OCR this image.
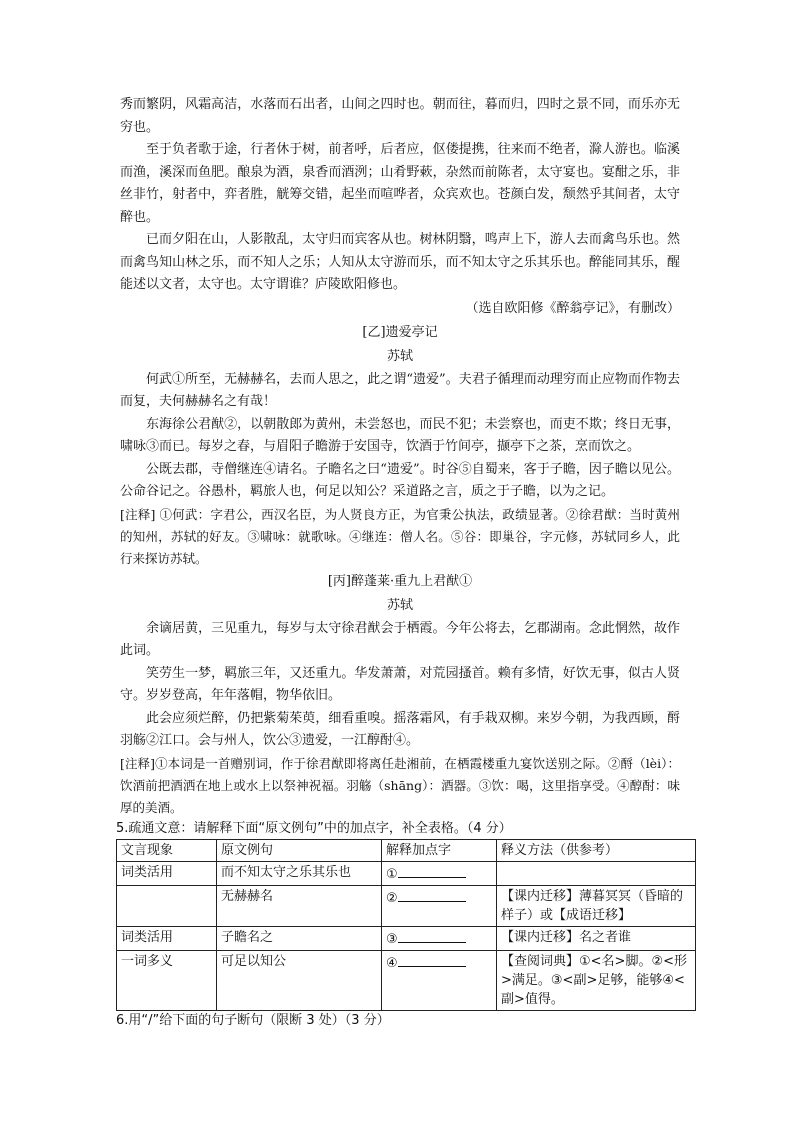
秀而繁阴，风霜高洁，水落而石出者，山间之四时也。朝而往，暮而归，四时之景不同，而乐亦无穷也。

至于负者歌于途，行者休于树，前者呼，后者应，伛偻提携，往来而不绝者，滁人游也。临溪而渔，溪深而鱼肥。酿泉为酒，泉香而酒洌；山肴野蔌，杂然而前陈者，太守宴也。宴酣之乐，非丝非竹，射者中，弈者胜，觥筹交错，起坐而喧哗者，众宾欢也。苍颜白发，颓然乎其间者，太守醉也。

已而夕阳在山，人影散乱，太守归而宾客从也。树林阴翳，鸣声上下，游人去而禽鸟乐也。然而禽鸟知山林之乐，而不知人之乐；人知从太守游而乐，而不知太守之乐其乐也。醉能同其乐，醒能述以文者，太守也。太守谓谁？庐陵欧阳修也。

（选自欧阳修《醉翁亭记》，有删改）

[乙]遗爱亭记

苏轼

何武①所至，无赫赫名，去而人思之，此之谓“遗爱”。夫君子循理而动理穷而止应物而作物去而复，夫何赫赫名之有哉！

东海徐公君猷②，以朝散郎为黄州，未尝怒也，而民不犯；未尝察也，而吏不欺；终日无事，啸咏③而已。每岁之春，与眉阳子瞻游于安国寺，饮酒于竹间亭，撷亭下之茶，烹而饮之。

公既去郡，寺僧继连④请名。子瞻名之曰“遗爱”。时谷⑤自蜀来，客于子瞻，因子瞻以见公。公命谷记之。谷愚朴，羁旅人也，何足以知公？采道路之言，质之于子瞻，以为之记。

[注释] ①何武：字君公，西汉名臣，为人贤良方正，为官秉公执法，政绩显著。②徐君猷：当时黄州的知州，苏轼的好友。③啸咏：就歌咏。④继连：僧人名。⑤谷：即巢谷，字元修，苏轼同乡人，此行来探访苏轼。

[丙]醉蓬莱·重九上君猷①

苏轼

余谪居黄，三见重九，每岁与太守徐君猷会于栖霞。今年公将去，乞郡湖南。念此惘然，故作此词。

笑劳生一梦，羁旅三年，又还重九。华发萧萧，对荒园搔首。赖有多情，好饮无事，似古人贤守。岁岁登高，年年落帽，物华依旧。

此会应须烂醉，仍把紫菊茱萸，细看重嗅。摇落霜风，有手栽双柳。来岁今朝，为我西顾，酹羽觞②江口。会与州人，饮公③遗爱，一江醇酎④。

[注释]①本词是一首赠别词，作于徐君猷即将离任赴湘前，在栖霞楼重九宴饮送别之际。②酹（lèi）：饮酒前把酒洒在地上或水上以祭神祝福。羽觞（shāng）：酒器。③饮：喝，这里指享受。④醇酎：味厚的美酒。

5.疏通文意：请解释下面“原文例句”中的加点字，补全表格。（4 分）

文言现象	原文例句	解释加点字	释义方法（供参考）
词类活用	而不知太守之乐其乐也	①	
	无赫赫名	②	【课内迁移】薄暮冥冥（昏暗的样子）或【成语迁移】
词类活用	子瞻名之	③	【课内迁移】名之者谁
一词多义	可足以知公	④	【查阅词典】①<名>脚。②<形>满足。③<副>足够，能够④<副>值得。

6.用“/”给下面的句子断句（限断 3 处）（3 分）
